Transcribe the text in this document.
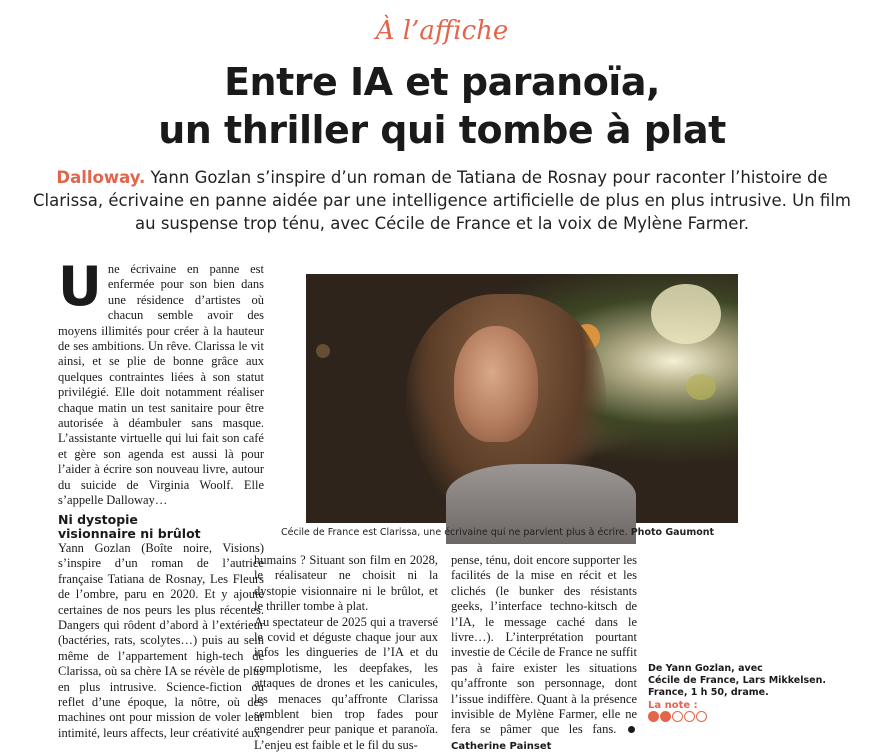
À l’affiche
Entre IA et paranoïa,
un thriller qui tombe à plat

Dalloway. Yann Gozlan s’inspire d’un roman de Tatiana de Rosnay pour raconter l’histoire de Clarissa, écrivaine en panne aidée par une intelligence artificielle de plus en plus intrusive. Un film au suspense trop ténu, avec Cécile de France et la voix de Mylène Farmer.

Une écrivaine en panne est enfermée pour son bien dans une résidence d’artistes où chacun semble avoir des moyens illimités pour créer à la hauteur de ses ambitions. Un rêve. Clarissa le vit ainsi, et se plie de bonne grâce aux quelques contraintes liées à son statut privilégié. Elle doit notamment réaliser chaque matin un test sanitaire pour être autorisée à déambuler sans masque. L’assistante virtuelle qui lui fait son café et gère son agenda est aussi là pour l’aider à écrire son nouveau livre, autour du suicide de Virginia Woolf. Elle s’appelle Dalloway…
Ni dystopie
visionnaire ni brûlot
Yann Gozlan (Boîte noire, Visions) s’inspire d’un roman de l’autrice française Tatiana de Rosnay, Les Fleurs de l’ombre, paru en 2020. Et y ajoute certaines de nos peurs les plus récentes. Dangers qui rôdent d’abord à l’extérieur (bactéries, rats, scolytes…) puis au sein même de l’appartement high-tech de Clarissa, où sa chère IA se révèle de plus en plus intrusive. Science-fiction ou reflet d’une époque, la nôtre, où des machines ont pour mission de voler leur intimité, leurs affects, leur créativité aux

humains ? Situant son film en 2028, le réalisateur ne choisit ni la dystopie visionnaire ni le brûlot, et le thriller tombe à plat.

Au spectateur de 2025 qui a traversé le covid et déguste chaque jour aux infos les dingueries de l’IA et du complotisme, les deepfakes, les attaques de drones et les canicules, les menaces qu’affronte Clarissa semblent bien trop fades pour engendrer peur panique et paranoïa. L’enjeu est faible et le fil du sus-

pense, ténu, doit encore supporter les facilités de la mise en récit et les clichés (le bunker des résistants geeks, l’interface techno-kitsch de l’IA, le message caché dans le livre…). L’interprétation pourtant investie de Cécile de France ne suffit pas à faire exister les situations qu’affronte son personnage, dont l’issue indiffère. Quant à la présence invisible de Mylène Farmer, elle ne fera se pâmer que les fans. Catherine Painset
Cécile de France est Clarissa, une écrivaine qui ne parvient plus à écrire. Photo Gaumont
De Yann Gozlan, avec
Cécile de France, Lars Mikkelsen.
France, 1 h 50, drame.
La note :
